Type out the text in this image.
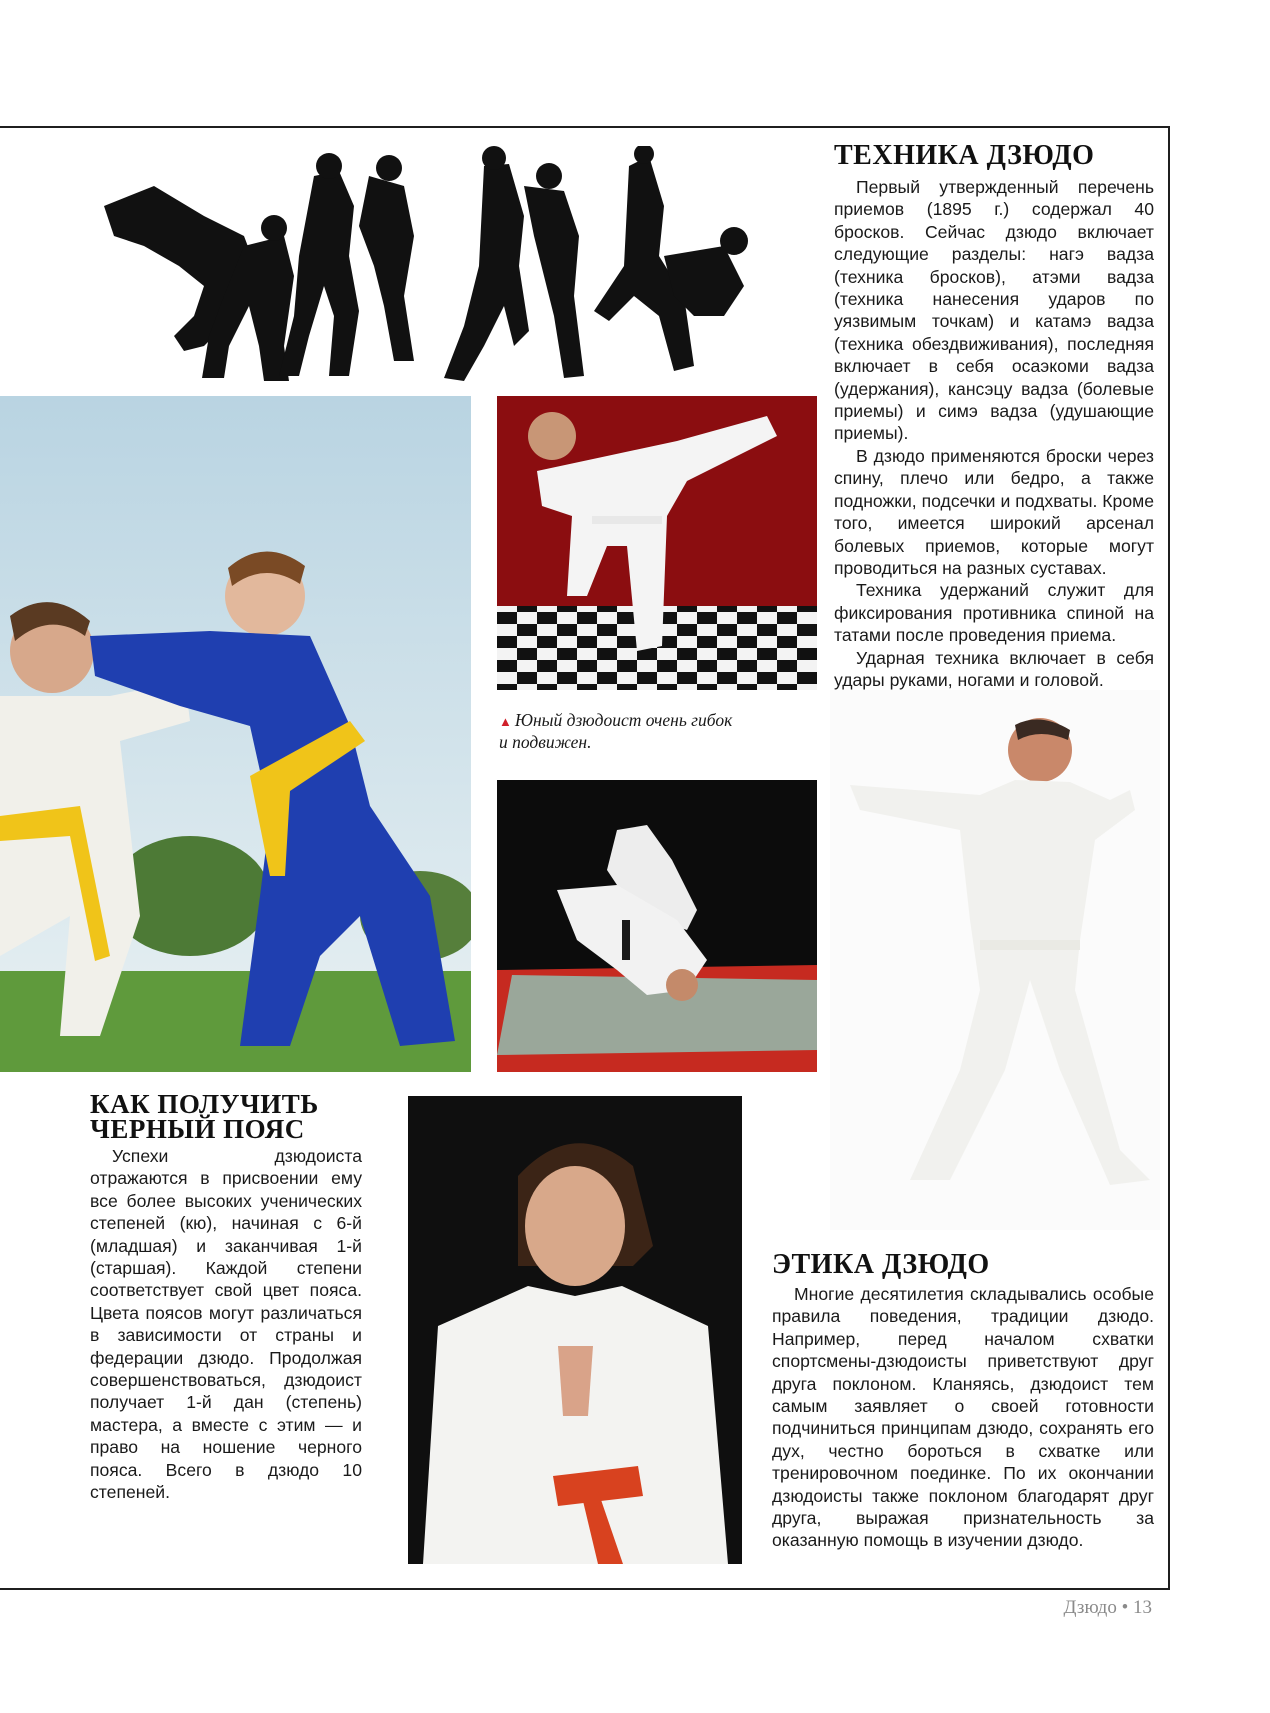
▲ Юный дзюдоист очень гибок
и подвижен.
ТЕХНИКА ДЗЮДО

Первый утвержденный перечень приемов (1895 г.) содержал 40 бросков. Сейчас дзюдо включает следующие разделы: нагэ вадза (техника бросков), атэми вадза (техника нанесения ударов по уязвимым точкам) и катамэ вадза (техника обездвиживания), последняя включает в себя осаэкоми вадза (удержания), кансэцу вадза (болевые приемы) и симэ вадза (удушающие приемы).

В дзюдо применяются броски через спину, плечо или бедро, а также подножки, подсечки и подхваты. Кроме того, имеется широкий арсенал болевых приемов, которые могут проводиться на разных суставах.

Техника удержаний служит для фиксирования противника спиной на татами после проведения приема.

Ударная техника включает в себя удары руками, ногами и головой.

КАК ПОЛУЧИТЬ
ЧЕРНЫЙ ПОЯС

Успехи дзюдоиста отражаются в присвоении ему все более высоких ученических степеней (кю), начиная с 6-й (младшая) и заканчивая 1-й (старшая). Каждой степени соответствует свой цвет пояса. Цвета поясов могут различаться в зависимости от страны и федерации дзюдо. Продолжая совершенствоваться, дзюдоист получает 1-й дан (степень) мастера, а вместе с этим — и право на ношение черного пояса. Всего в дзюдо 10 степеней.

ЭТИКА ДЗЮДО

Многие десятилетия складывались особые правила поведения, традиции дзюдо. Например, перед началом схватки спортсмены-дзюдоисты приветствуют друг друга поклоном. Кланяясь, дзюдоист тем самым заявляет о своей готовности подчиниться принципам дзюдо, сохранять его дух, честно бороться в схватке или тренировочном поединке. По их окончании дзюдоисты также поклоном благодарят друг друга, выражая признательность за оказанную помощь в изучении дзюдо.

Дзюдо • 13
